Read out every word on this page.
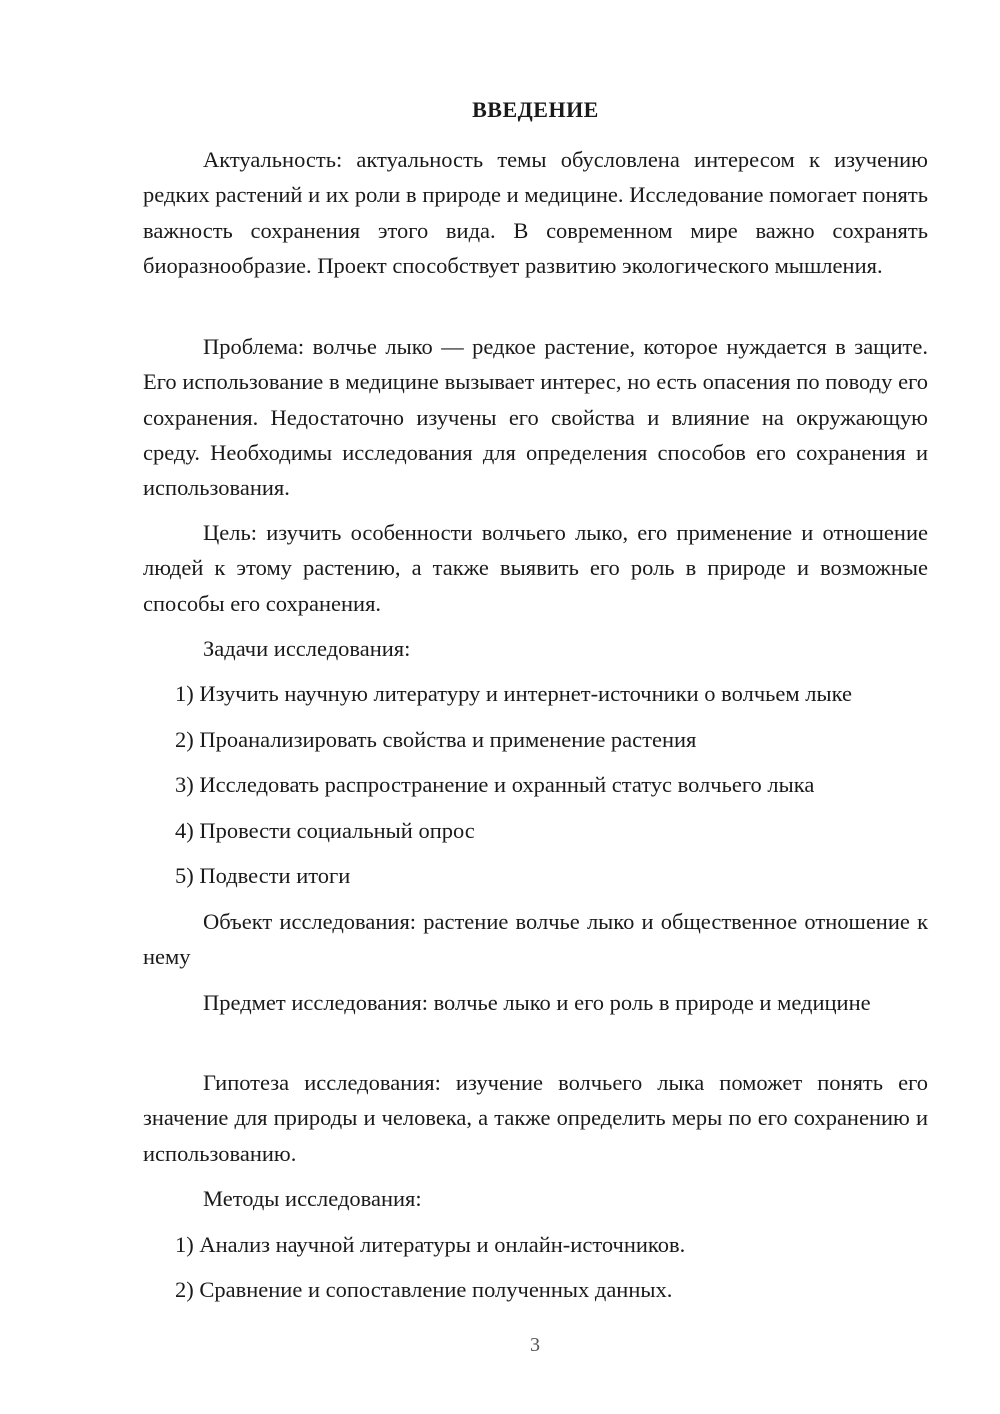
ВВЕДЕНИЕ

Актуальность: актуальность темы обусловлена интересом к изучению редких растений и их роли в природе и медицине. Исследование помогает понять важность сохранения этого вида. В современном мире важно сохранять биоразнообразие. Проект способствует развитию экологического мышления.

Проблема: волчье лыко — редкое растение, которое нуждается в защите. Его использование в медицине вызывает интерес, но есть опасения по поводу его сохранения. Недостаточно изучены его свойства и влияние на окружающую среду. Необходимы исследования для определения способов его сохранения и использования.

Цель: изучить особенности волчьего лыко, его применение и отношение людей к этому растению, а также выявить его роль в природе и возможные способы его сохранения.

Задачи исследования:
1) Изучить научную литературу и интернет-источники о волчьем лыке
2) Проанализировать свойства и применение растения
3) Исследовать распространение и охранный статус волчьего лыка
4) Провести социальный опрос
5) Подвести итоги

Объект исследования: растение волчье лыко и общественное отношение к нему

Предмет исследования: волчье лыко и его роль в природе и медицине

Гипотеза исследования: изучение волчьего лыка поможет понять его значение для природы и человека, а также определить меры по его сохранению и использованию.

Методы исследования:
1) Анализ научной литературы и онлайн-источников.
2) Сравнение и сопоставление полученных данных.
3
